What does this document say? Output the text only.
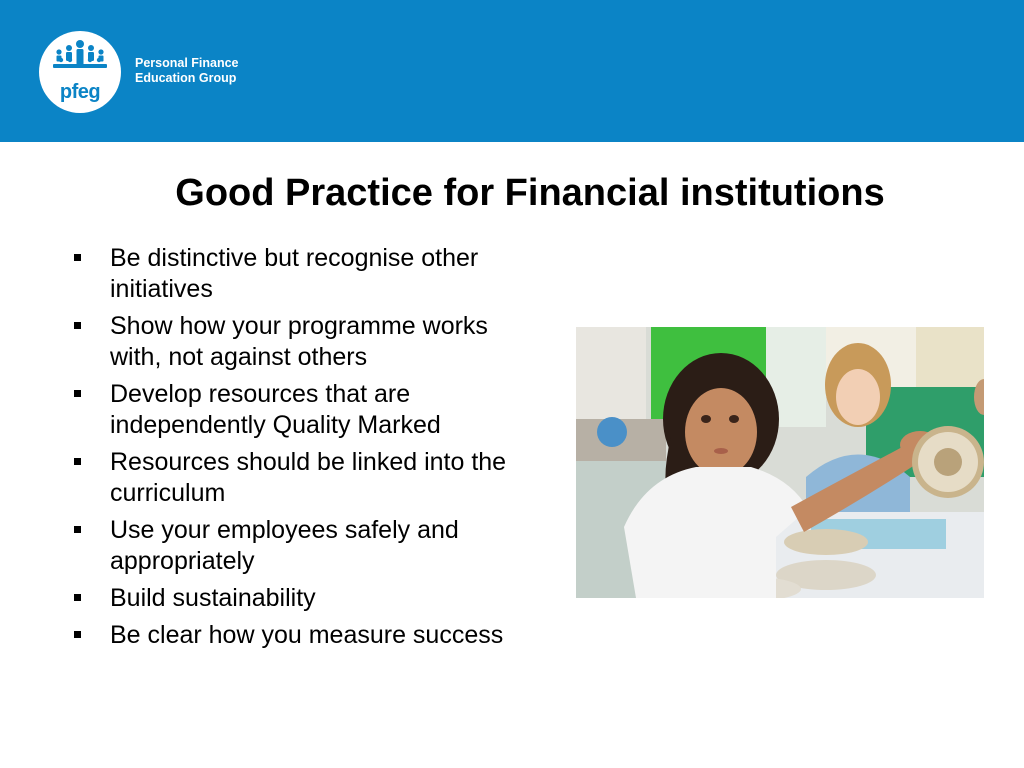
pfeg
Personal Finance
Education Group
Good Practice for Financial institutions
Be distinctive but recognise other initiatives
Show how your programme works with, not against others
Develop resources that are independently Quality Marked
Resources should be linked into the curriculum
Use your employees safely and appropriately
Build sustainability
Be clear how you measure success
